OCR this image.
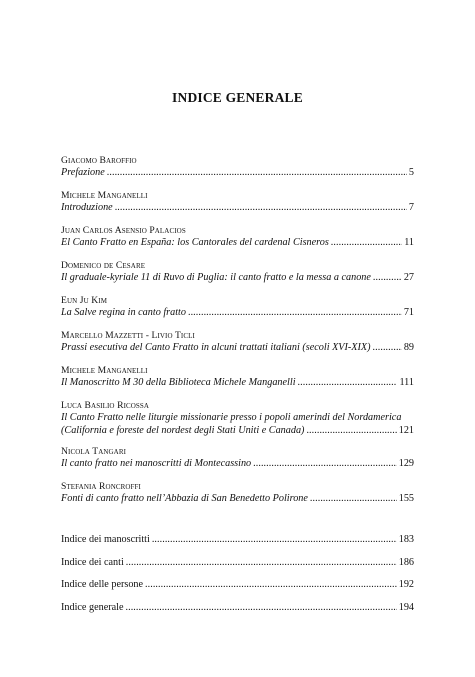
INDICE GENERALE
Giacomo Baroffio
Prefazione . . .	5
Michele Manganelli
Introduzione . . .	7
Juan Carlos Asensio Palacios
El Canto Fratto en España: los Cantorales del cardenal Cisneros . . .	11
Domenico de Cesare
Il graduale-kyriale 11 di Ruvo di Puglia: il canto fratto e la messa a canone . . .	27
Eun Ju Kim
La Salve regina in canto fratto . . .	71
Marcello Mazzetti - Livio Ticli
Prassi esecutiva del Canto Fratto in alcuni trattati italiani (secoli XVI-XIX) . . .	89
Michele Manganelli
Il Manoscritto M 30 della Biblioteca Michele Manganelli . . .	111
Luca Basilio Ricossa
Il Canto Fratto nelle liturgie missionarie presso i popoli amerindi del Nordamerica
(California e foreste del nordest degli Stati Uniti e Canada) . . .	121
Nicola Tangari
Il canto fratto nei manoscritti di Montecassino . . .	129
Stefania Roncroffi
Fonti di canto fratto nell’Abbazia di San Benedetto Polirone . . .	155
Indice dei manoscritti . . .	183
Indice dei canti . . .	186
Indice delle persone . . .	192
Indice generale . . .	194
